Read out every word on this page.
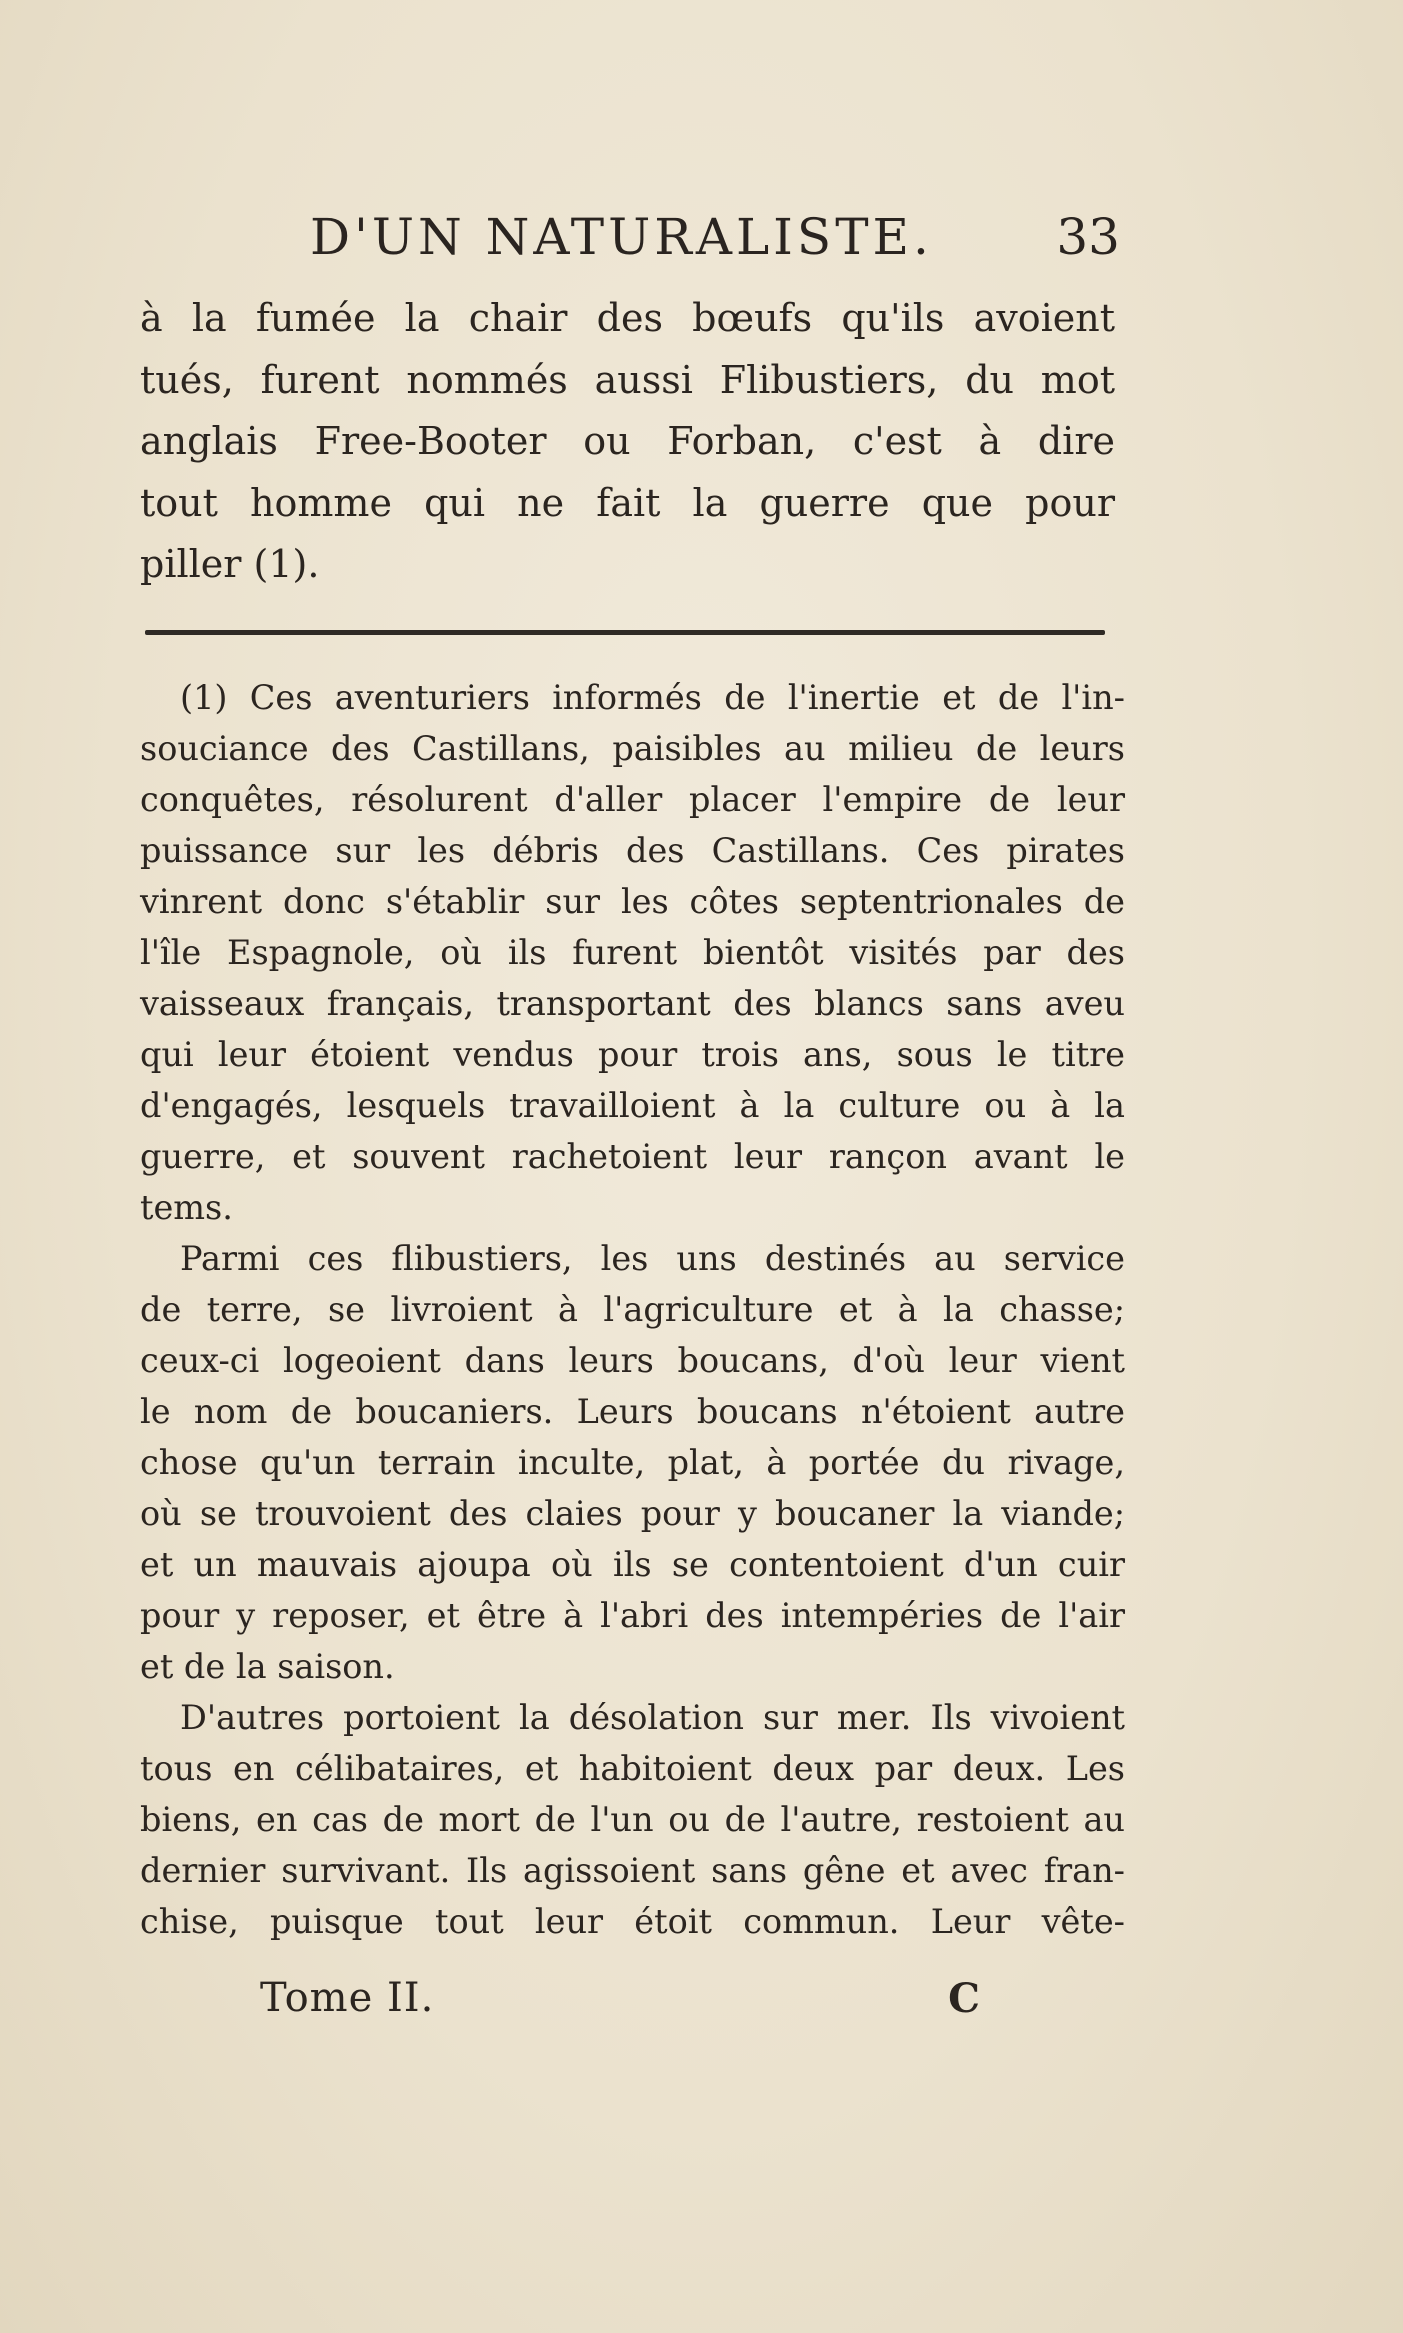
D'UN NATURALISTE. 33
à la fumée la chair des bœufs qu'ils avoient
tués, furent nommés aussi Flibustiers, du mot
anglais Free-Booter ou Forban, c'est à dire
tout homme qui ne fait la guerre que pour
piller (1).
(1) Ces aventuriers informés de l'inertie et de l'in-
souciance des Castillans, paisibles au milieu de leurs
conquêtes, résolurent d'aller placer l'empire de leur
puissance sur les débris des Castillans. Ces pirates
vinrent donc s'établir sur les côtes septentrionales de
l'île Espagnole, où ils furent bientôt visités par des
vaisseaux français, transportant des blancs sans aveu
qui leur étoient vendus pour trois ans, sous le titre
d'engagés, lesquels travailloient à la culture ou à la
guerre, et souvent rachetoient leur rançon avant le
tems.
Parmi ces flibustiers, les uns destinés au service
de terre, se livroient à l'agriculture et à la chasse;
ceux-ci logeoient dans leurs boucans, d'où leur vient
le nom de boucaniers. Leurs boucans n'étoient autre
chose qu'un terrain inculte, plat, à portée du rivage,
où se trouvoient des claies pour y boucaner la viande;
et un mauvais ajoupa où ils se contentoient d'un cuir
pour y reposer, et être à l'abri des intempéries de l'air
et de la saison.
D'autres portoient la désolation sur mer. Ils vivoient
tous en célibataires, et habitoient deux par deux. Les
biens, en cas de mort de l'un ou de l'autre, restoient au
dernier survivant. Ils agissoient sans gêne et avec fran-
chise, puisque tout leur étoit commun. Leur vête-
Tome II.	C
